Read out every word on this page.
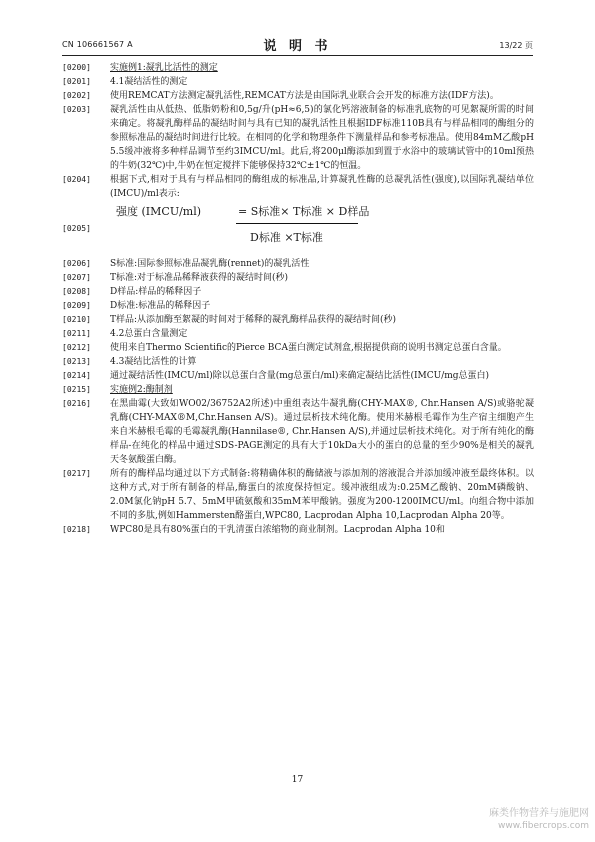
CN 106661567 A	说 明 书	13/22 页
[0200]	实施例1:凝乳比活性的测定
[0201]	4.1凝结活性的测定
[0202]	使用REMCAT方法测定凝乳活性,REMCAT方法是由国际乳业联合会开发的标准方法(IDF方法)。
[0203]	凝乳活性由从低热、低脂奶粉和0,5g/升(pH≈6,5)的氯化钙溶液制备的标准乳底物的可见絮凝所需的时间来确定。将凝乳酶样品的凝结时间与具有已知的凝乳活性且根据IDF标准110B具有与样品相同的酶组分的参照标准品的凝结时间进行比较。在相同的化学和物理条件下测量样品和参考标准品。使用84mM乙酸pH 5.5缓冲液将多种样品调节至约3IMCU/ml。此后,将200μl酶添加到置于水浴中的玻璃试管中的10ml预热的牛奶(32℃)中,牛奶在恒定搅拌下能够保持32℃±1℃的恒温。
[0204]	根据下式,相对于具有与样品相同的酶组成的标准品,计算凝乳性酶的总凝乳活性(强度),以国际乳凝结单位(IMCU)/ml表示:
[0205]
强度 (IMCU/ml)	= S标准× T标准 × D样品
D标准 ×T标准
[0206]	S标准:国际参照标准品凝乳酶(rennet)的凝乳活性
[0207]	T标准:对于标准品稀释液获得的凝结时间(秒)
[0208]	D样品:样品的稀释因子
[0209]	D标准:标准品的稀释因子
[0210]	T样品:从添加酶至絮凝的时间对于稀释的凝乳酶样品获得的凝结时间(秒)
[0211]	4.2总蛋白含量测定
[0212]	使用来自Thermo Scientific的Pierce BCA蛋白测定试剂盒,根据提供商的说明书测定总蛋白含量。
[0213]	4.3凝结比活性的计算
[0214]	通过凝结活性(IMCU/ml)除以总蛋白含量(mg总蛋白/ml)来确定凝结比活性(IMCU/mg总蛋白)
[0215]	实施例2:酶制剂
[0216]	在黑曲霉(大致如WO02/36752A2所述)中重组表达牛凝乳酶(CHY-MAX®, Chr.Hansen A/S)或骆驼凝乳酶(CHY-MAX®M,Chr.Hansen A/S)。通过层析技术纯化酶。使用米赫根毛霉作为生产宿主细胞产生来自米赫根毛霉的毛霉凝乳酶(Hannilase®, Chr.Hansen A/S),并通过层析技术纯化。对于所有纯化的酶样品-在纯化的样品中通过SDS-PAGE测定的具有大于10kDa大小的蛋白的总量的至少90%是相关的凝乳天冬氨酸蛋白酶。
[0217]	所有的酶样品均通过以下方式制备:将精确体积的酶储液与添加剂的溶液混合并添加缓冲液至最终体积。以这种方式,对于所有制备的样品,酶蛋白的浓度保持恒定。缓冲液组成为:0.25M乙酸钠、20mM磷酸钠、2.0M氯化钠pH 5.7、5mM甲硫氨酸和35mM苯甲酸钠。强度为200-1200IMCU/ml。向组合物中添加不同的多肽,例如Hammersten酪蛋白,WPC80, Lacprodan Alpha 10,Lacprodan Alpha 20等。
[0218]	WPC80是具有80%蛋白的干乳清蛋白浓缩物的商业制剂。Lacprodan Alpha 10和
17
麻类作物营养与施肥网
www.fibercrops.com
